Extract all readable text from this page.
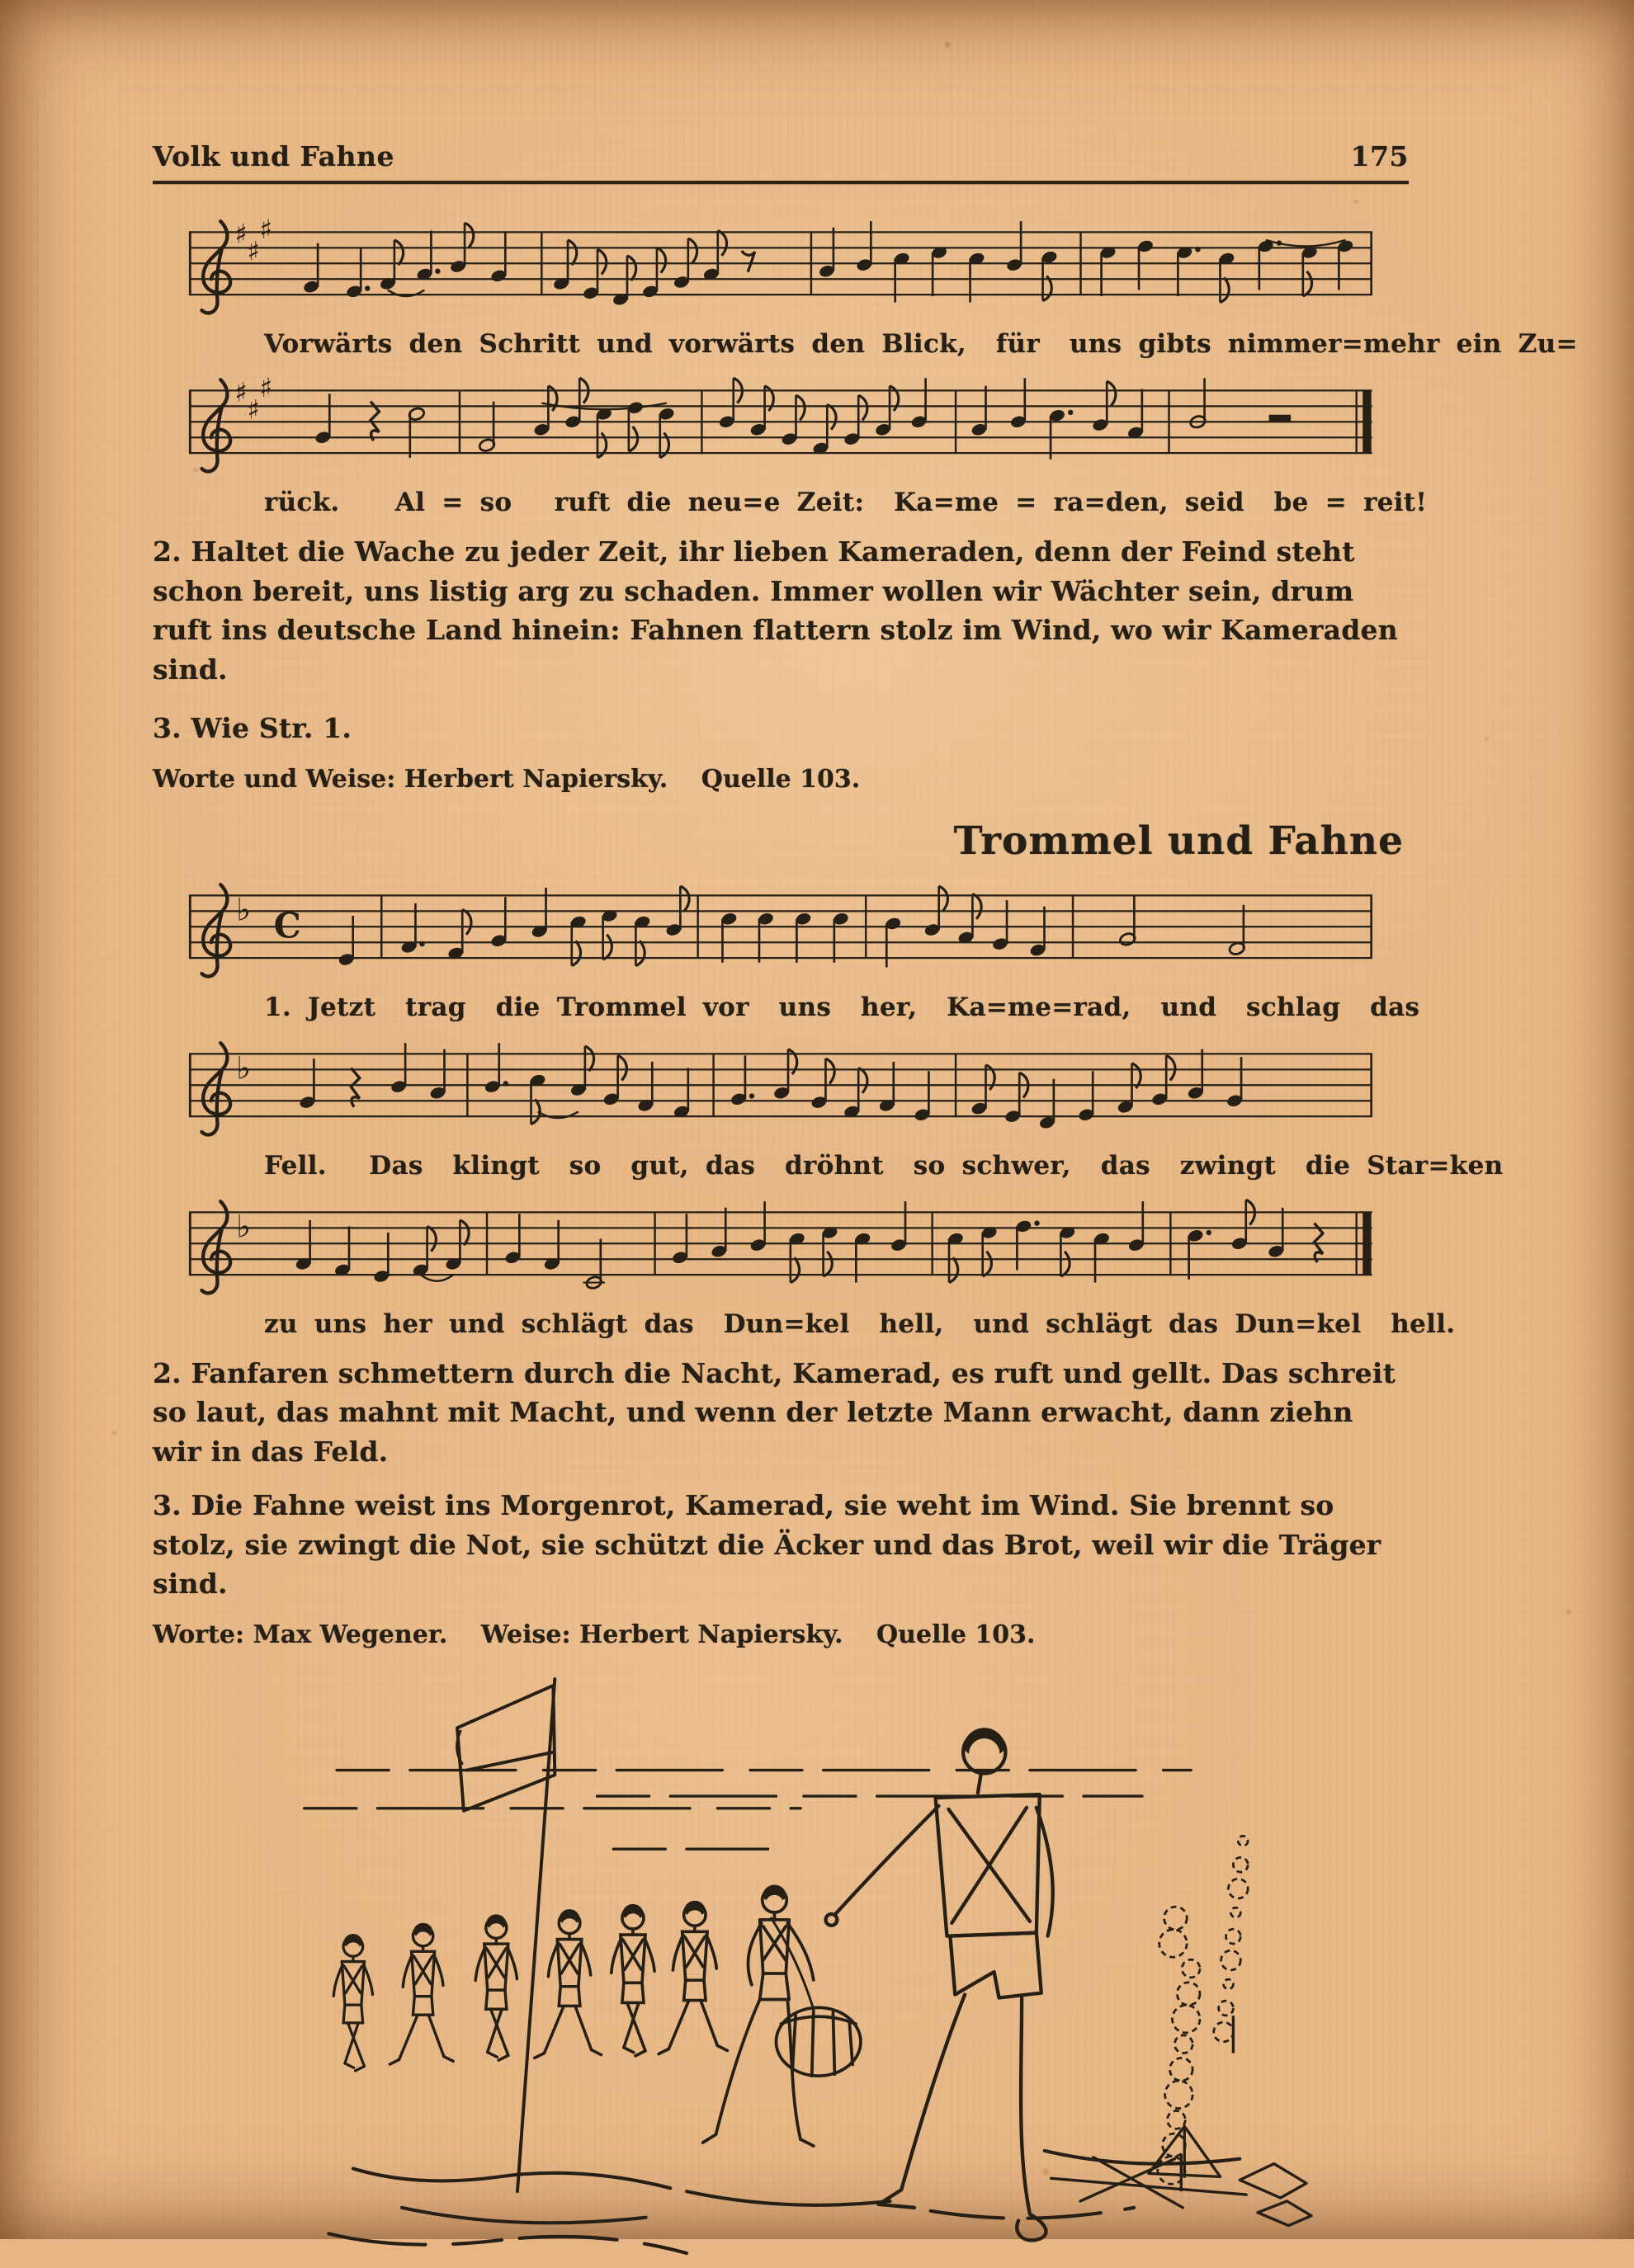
Volk und Fahne	175
♯
♯
♯
Vorwärts den Schritt und vorwärts den Blick,  für  uns gibts nimmer=mehr ein Zu=
♯
♯
♯
rück.   Al = so  ruft die neu=e Zeit:  Ka=me = ra=den, seid  be = reit!

2. Haltet die Wache zu jeder Zeit, ihr lieben Kameraden, denn der Feind steht schon bereit, uns listig arg zu schaden. Immer wollen wir Wächter sein, drum ruft ins deutsche Land hinein: Fahnen flattern stolz im Wind, wo wir Kameraden sind.

3. Wie Str. 1.

Worte und Weise: Herbert Napiersky.  Quelle 103.

Trommel und Fahne
♭ C
1. Jetzt  trag  die Trommel vor  uns  her,  Ka=me=rad,  und  schlag  das
♭
Fell.  Das  klingt  so  gut, das  dröhnt  so schwer,  das  zwingt  die Star=ken
♭
zu uns her und schlägt das  Dun=kel  hell,  und schlägt das Dun=kel  hell.

2. Fanfaren schmettern durch die Nacht, Kamerad, es ruft und gellt. Das schreit so laut, das mahnt mit Macht, und wenn der letzte Mann erwacht, dann ziehn wir in das Feld.

3. Die Fahne weist ins Morgenrot, Kamerad, sie weht im Wind. Sie brennt so stolz, sie zwingt die Not, sie schützt die Äcker und das Brot, weil wir die Träger sind.

Worte: Max Wegener.  Weise: Herbert Napiersky.  Quelle 103.
